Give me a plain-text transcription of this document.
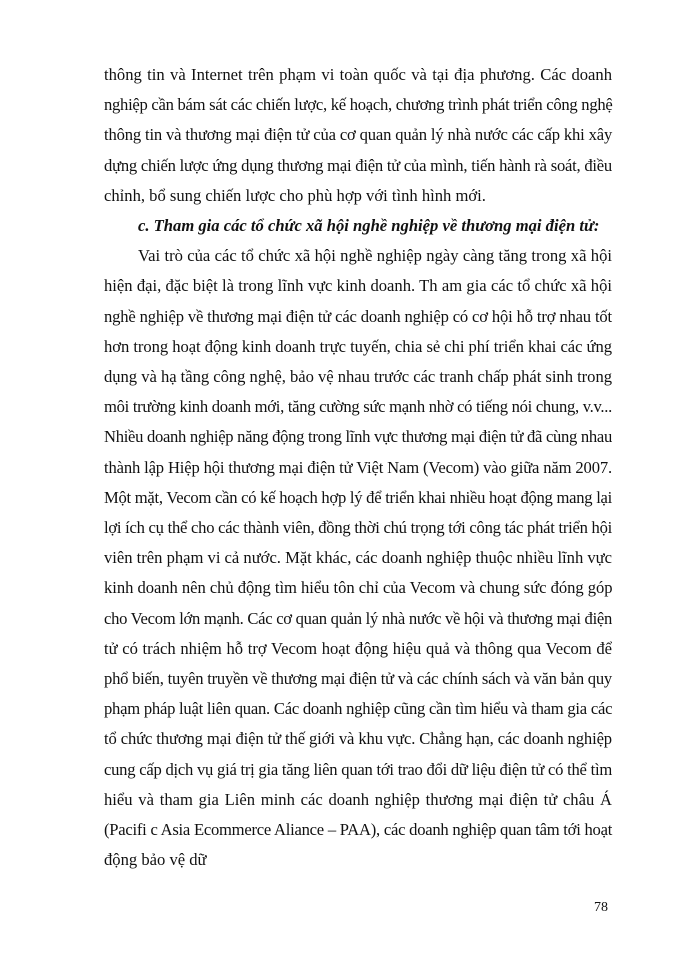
thông tin và Internet trên phạm vi toàn quốc và tại địa phương. Các doanh
nghiệp cần bám sát các chiến lược, kế hoạch, chương trình phát triển công nghệ
thông tin và thương mại điện tử của cơ quan quản lý nhà nước các cấp khi xây
dựng chiến lược ứng dụng thương mại điện tử của mình, tiến hành rà soát, điều
chỉnh, bổ sung chiến lược cho phù hợp với tình hình mới.

c. Tham gia các tổ chức xã hội nghề nghiệp về thương mại điện tử:

Vai trò của các tổ chức xã hội nghề nghiệp ngày càng tăng trong xã hội
hiện đại, đặc biệt là trong lĩnh vực kinh doanh. Th am gia các tổ chức xã hội
nghề nghiệp về thương mại điện tử các doanh nghiệp có cơ hội hỗ trợ nhau tốt
hơn trong hoạt động kinh doanh trực tuyến, chia sẻ chi phí triển khai các ứng
dụng và hạ tầng công nghệ, bảo vệ nhau trước các tranh chấp phát sinh trong
môi trường kinh doanh mới, tăng cường sức mạnh nhờ có tiếng nói chung, v.v...
Nhiều doanh nghiệp năng động trong lĩnh vực thương mại điện tử đã cùng nhau
thành lập Hiệp hội thương mại điện tử Việt Nam (Vecom) vào giữa năm 2007.
Một mặt, Vecom cần có kế hoạch hợp lý để triển khai nhiều hoạt động mang lại
lợi ích cụ thể cho các thành viên, đồng thời chú trọng tới công tác phát triển hội
viên trên phạm vi cả nước. Mặt khác, các doanh nghiệp thuộc nhiều lĩnh vực
kinh doanh nên chủ động tìm hiểu tôn chỉ của Vecom và chung sức đóng góp
cho Vecom lớn mạnh. Các cơ quan quản lý nhà nước về hội và thương mại điện
tử có trách nhiệm hỗ trợ Vecom hoạt động hiệu quả và thông qua Vecom để
phổ biến, tuyên truyền về thương mại điện tử và các chính sách và văn bản quy
phạm pháp luật liên quan. Các doanh nghiệp cũng cần tìm hiểu và tham gia các
tổ chức thương mại điện tử thế giới và khu vực. Chẳng hạn, các doanh nghiệp
cung cấp dịch vụ giá trị gia tăng liên quan tới trao đổi dữ liệu điện tử có thể tìm
hiểu và tham gia Liên minh các doanh nghiệp thương mại điện tử châu Á
(Pacifi c Asia Ecommerce Aliance – PAA), các doanh nghiệp quan tâm tới hoạt
động bảo vệ dữ

78
